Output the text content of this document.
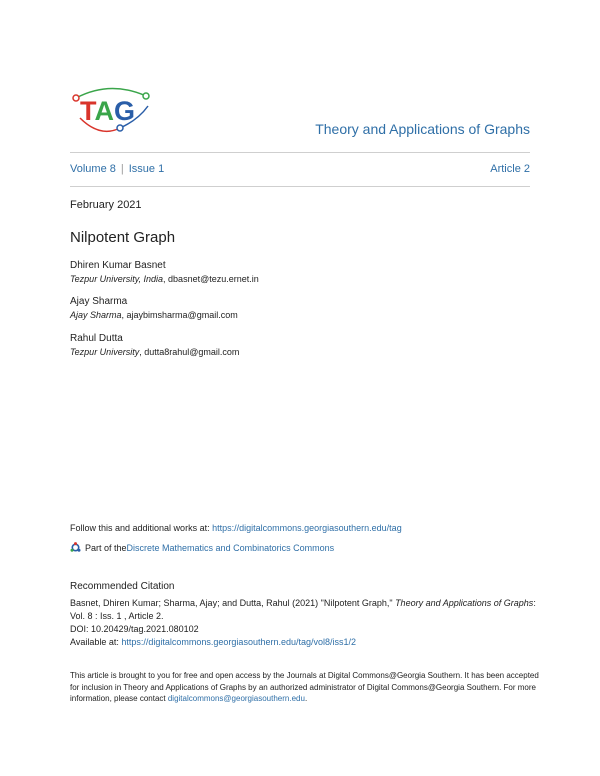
TAG
Theory and Applications of Graphs
Volume 8 | Issue 1	Article 2
February 2021
Nilpotent Graph
Dhiren Kumar Basnet
Tezpur University, India, dbasnet@tezu.ernet.in
Ajay Sharma
Ajay Sharma, ajaybimsharma@gmail.com
Rahul Dutta
Tezpur University, dutta8rahul@gmail.com
Follow this and additional works at: https://digitalcommons.georgiasouthern.edu/tag
Part of the Discrete Mathematics and Combinatorics Commons
Recommended Citation
Basnet, Dhiren Kumar; Sharma, Ajay; and Dutta, Rahul (2021) "Nilpotent Graph," Theory and Applications of Graphs: Vol. 8 : Iss. 1 , Article 2.
DOI: 10.20429/tag.2021.080102
Available at: https://digitalcommons.georgiasouthern.edu/tag/vol8/iss1/2
This article is brought to you for free and open access by the Journals at Digital Commons@Georgia Southern. It has been accepted for inclusion in Theory and Applications of Graphs by an authorized administrator of Digital Commons@Georgia Southern. For more information, please contact digitalcommons@georgiasouthern.edu.
